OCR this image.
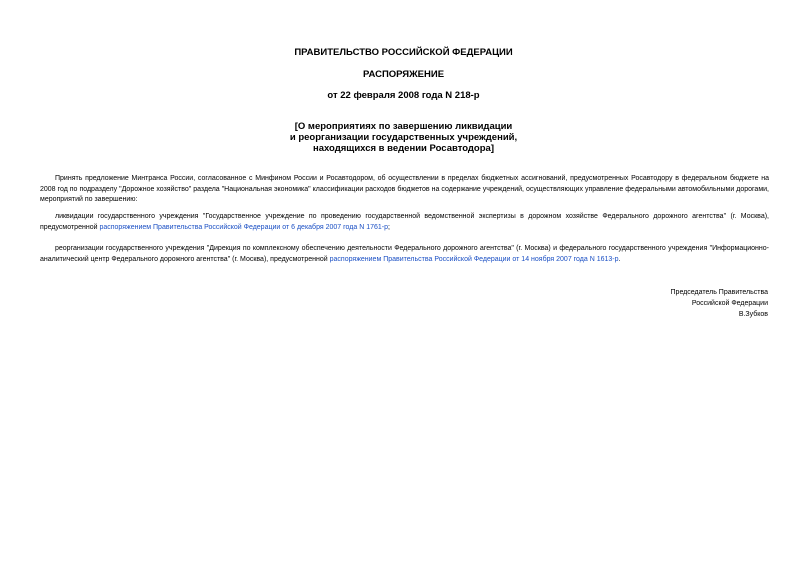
ПРАВИТЕЛЬСТВО РОССИЙСКОЙ ФЕДЕРАЦИИ
РАСПОРЯЖЕНИЕ
от 22 февраля 2008 года N 218-р
[О мероприятиях по завершению ликвидации
и реорганизации государственных учреждений,
находящихся в ведении Росавтодора]

Принять предложение Минтранса России, согласованное с Минфином России и Росавтодором, об осуществлении в пределах бюджетных ассигнований, предусмотренных Росавтодору в федеральном бюджете на 2008 год по подразделу "Дорожное хозяйство" раздела "Национальная экономика" классификации расходов бюджетов на содержание учреждений, осуществляющих управление федеральными автомобильными дорогами, мероприятий по завершению:

ликвидации государственного учреждения "Государственное учреждение по проведению государственной ведомственной экспертизы в дорожном хозяйстве Федерального дорожного агентства" (г. Москва), предусмотренной распоряжением Правительства Российской Федерации от 6 декабря 2007 года N 1761-р;

реорганизации государственного учреждения "Дирекция по комплексному обеспечению деятельности Федерального дорожного агентства" (г. Москва) и федерального государственного учреждения "Информационно-аналитический центр Федерального дорожного агентства" (г. Москва), предусмотренной распоряжением Правительства Российской Федерации от 14 ноября 2007 года N 1613-р.

Председатель Правительства
Российской Федерации
В.Зубков
